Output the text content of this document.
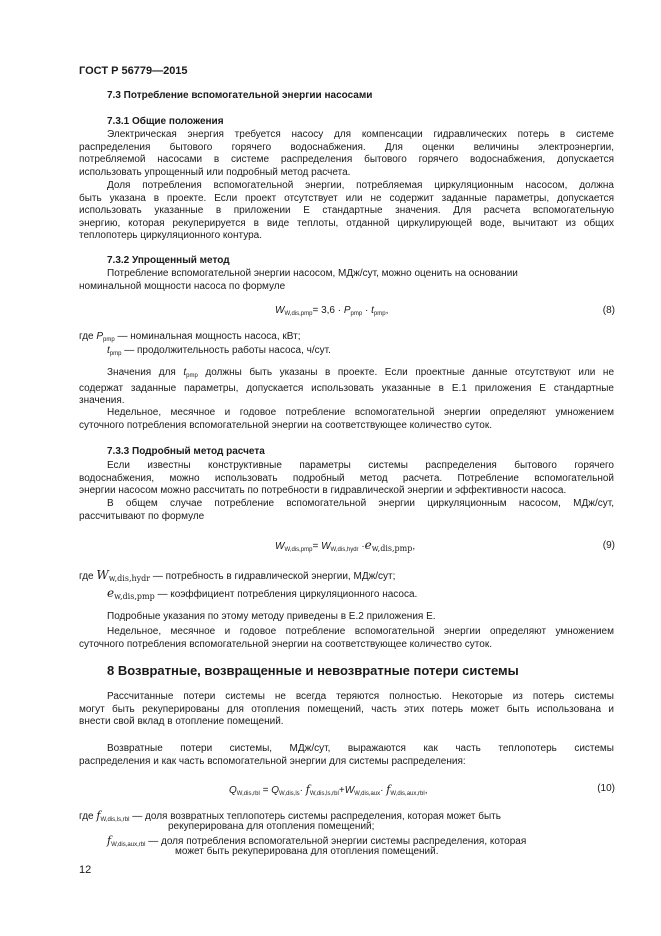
ГОСТ Р 56779—2015
7.3 Потребление вспомогательной энергии насосами
7.3.1 Общие положения
Электрическая энергия требуется насосу для компенсации гидравлических потерь в системе
распределения бытового горячего водоснабжения. Для оценки величины электроэнергии,
потребляемой насосами в системе распределения бытового горячего водоснабжения, допускается
использовать упрощенный или подробный метод расчета.
Доля потребления вспомогательной энергии, потребляемая циркуляционным насосом, должна
быть указана в проекте. Если проект отсутствует или не содержит заданные параметры, допускается
использовать указанные в приложении Е стандартные значения. Для расчета вспомогательную
энергию, которая рекуперируется в виде теплоты, отданной циркулирующей воде, вычитают из общих
теплопотерь циркуляционного контура.
7.3.2 Упрощенный метод
Потребление вспомогательной энергии насосом, МДж/сут, можно оценить на основании
номинальной мощности насоса по формуле
$W_{W,dis,pmp}= 3,6 \cdot P_{pmp} \cdot t_{pmp}$,	(8)
где $P_{pmp}$ — номинальная мощность насоса, кВт;
$t_{pmp}$ — продолжительность работы насоса, ч/сут.
Значения для $t_{pmp}$ должны быть указаны в проекте. Если проектные данные отсутствуют или не
содержат заданные параметры, допускается использовать указанные в Е.1 приложения Е стандартные
значения.
Недельное, месячное и годовое потребление вспомогательной энергии определяют умножением
суточного потребления вспомогательной энергии на соответствующее количество суток.
7.3.3 Подробный метод расчета
Если известны конструктивные параметры системы распределения бытового горячего
водоснабжения, можно использовать подробный метод расчета. Потребление вспомогательной
энергии насосом можно рассчитать по потребности в гидравлической энергии и эффективности насоса.
В общем случае потребление вспомогательной энергии циркуляционным насосом, МДж/сут,
рассчитывают по формуле
$W_{W,dis,pmp}= W_{W,dis,hydr} \cdot e_{w,dis,pmp}$,	(9)
где $W_{w,dis,hydr}$ — потребность в гидравлической энергии, МДж/сут;
$e_{w,dis,pmp}$ — коэффициент потребления циркуляционного насоса.
Подробные указания по этому методу приведены в Е.2 приложения Е.
Недельное, месячное и годовое потребление вспомогательной энергии определяют умножением
суточного потребления вспомогательной энергии на соответствующее количество суток.
8 Возвратные, возвращенные и невозвратные потери системы
Рассчитанные потери системы не всегда теряются полностью. Некоторые из потерь системы
могут быть рекуперированы для отопления помещений, часть этих потерь может быть использована и
внести свой вклад в отопление помещений.
Возвратные потери системы, МДж/сут, выражаются как часть теплопотерь системы
распределения и как часть вспомогательной энергии для системы распределения:
$Q_{W,dis,rbl} = Q_{W,dis,ls}\cdot f_{W,dis,ls,rbl}+W_{W,dis,aux}\cdot f_{W,dis,aux,rbl}$,	(10)
где $f_{W,dis,ls,rbl}$ — доля возвратных теплопотерь системы распределения, которая может быть
рекуперирована для отопления помещений;
$f_{W,dis,aux,rbl}$ — доля потребления вспомогательной энергии системы распределения, которая
может быть рекуперирована для отопления помещений.
12
